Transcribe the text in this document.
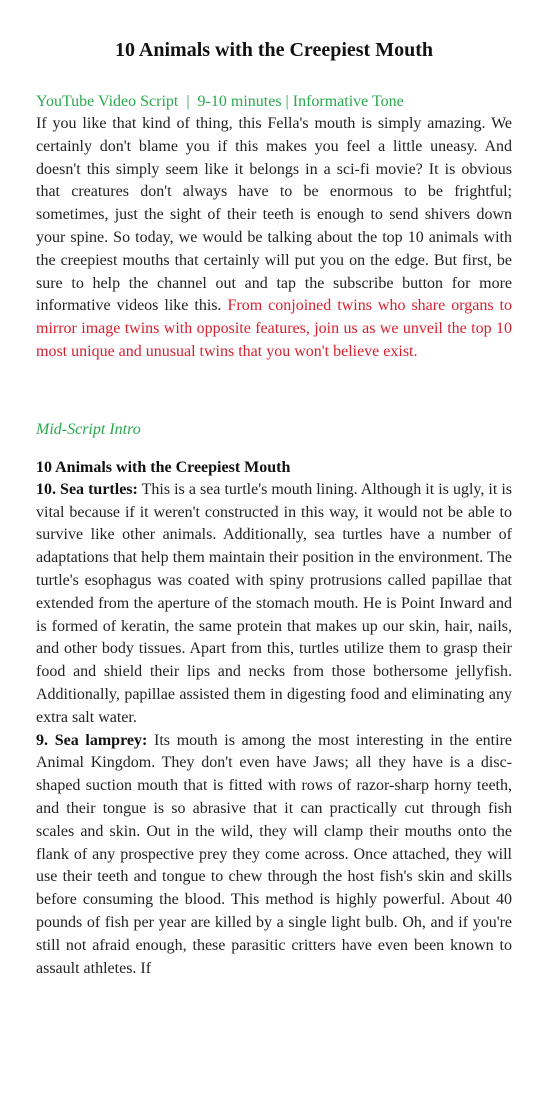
10 Animals with the Creepiest Mouth
YouTube Video Script | 9-10 minutes | Informative Tone

If you like that kind of thing, this Fella's mouth is simply amazing. We certainly don't blame you if this makes you feel a little uneasy. And doesn't this simply seem like it belongs in a sci-fi movie? It is obvious that creatures don't always have to be enormous to be frightful; sometimes, just the sight of their teeth is enough to send shivers down your spine. So today, we would be talking about the top 10 animals with the creepiest mouths that certainly will put you on the edge. But first, be sure to help the channel out and tap the subscribe button for more informative videos like this. From conjoined twins who share organs to mirror image twins with opposite features, join us as we unveil the top 10 most unique and unusual twins that you won't believe exist.

Mid-Script Intro
10 Animals with the Creepiest Mouth

10. Sea turtles: This is a sea turtle's mouth lining. Although it is ugly, it is vital because if it weren't constructed in this way, it would not be able to survive like other animals. Additionally, sea turtles have a number of adaptations that help them maintain their position in the environment. The turtle's esophagus was coated with spiny protrusions called papillae that extended from the aperture of the stomach mouth. He is Point Inward and is formed of keratin, the same protein that makes up our skin, hair, nails, and other body tissues. Apart from this, turtles utilize them to grasp their food and shield their lips and necks from those bothersome jellyfish. Additionally, papillae assisted them in digesting food and eliminating any extra salt water.

9. Sea lamprey: Its mouth is among the most interesting in the entire Animal Kingdom. They don't even have Jaws; all they have is a disc-shaped suction mouth that is fitted with rows of razor-sharp horny teeth, and their tongue is so abrasive that it can practically cut through fish scales and skin. Out in the wild, they will clamp their mouths onto the flank of any prospective prey they come across. Once attached, they will use their teeth and tongue to chew through the host fish's skin and skills before consuming the blood. This method is highly powerful. About 40 pounds of fish per year are killed by a single light bulb. Oh, and if you're still not afraid enough, these parasitic critters have even been known to assault athletes. If
